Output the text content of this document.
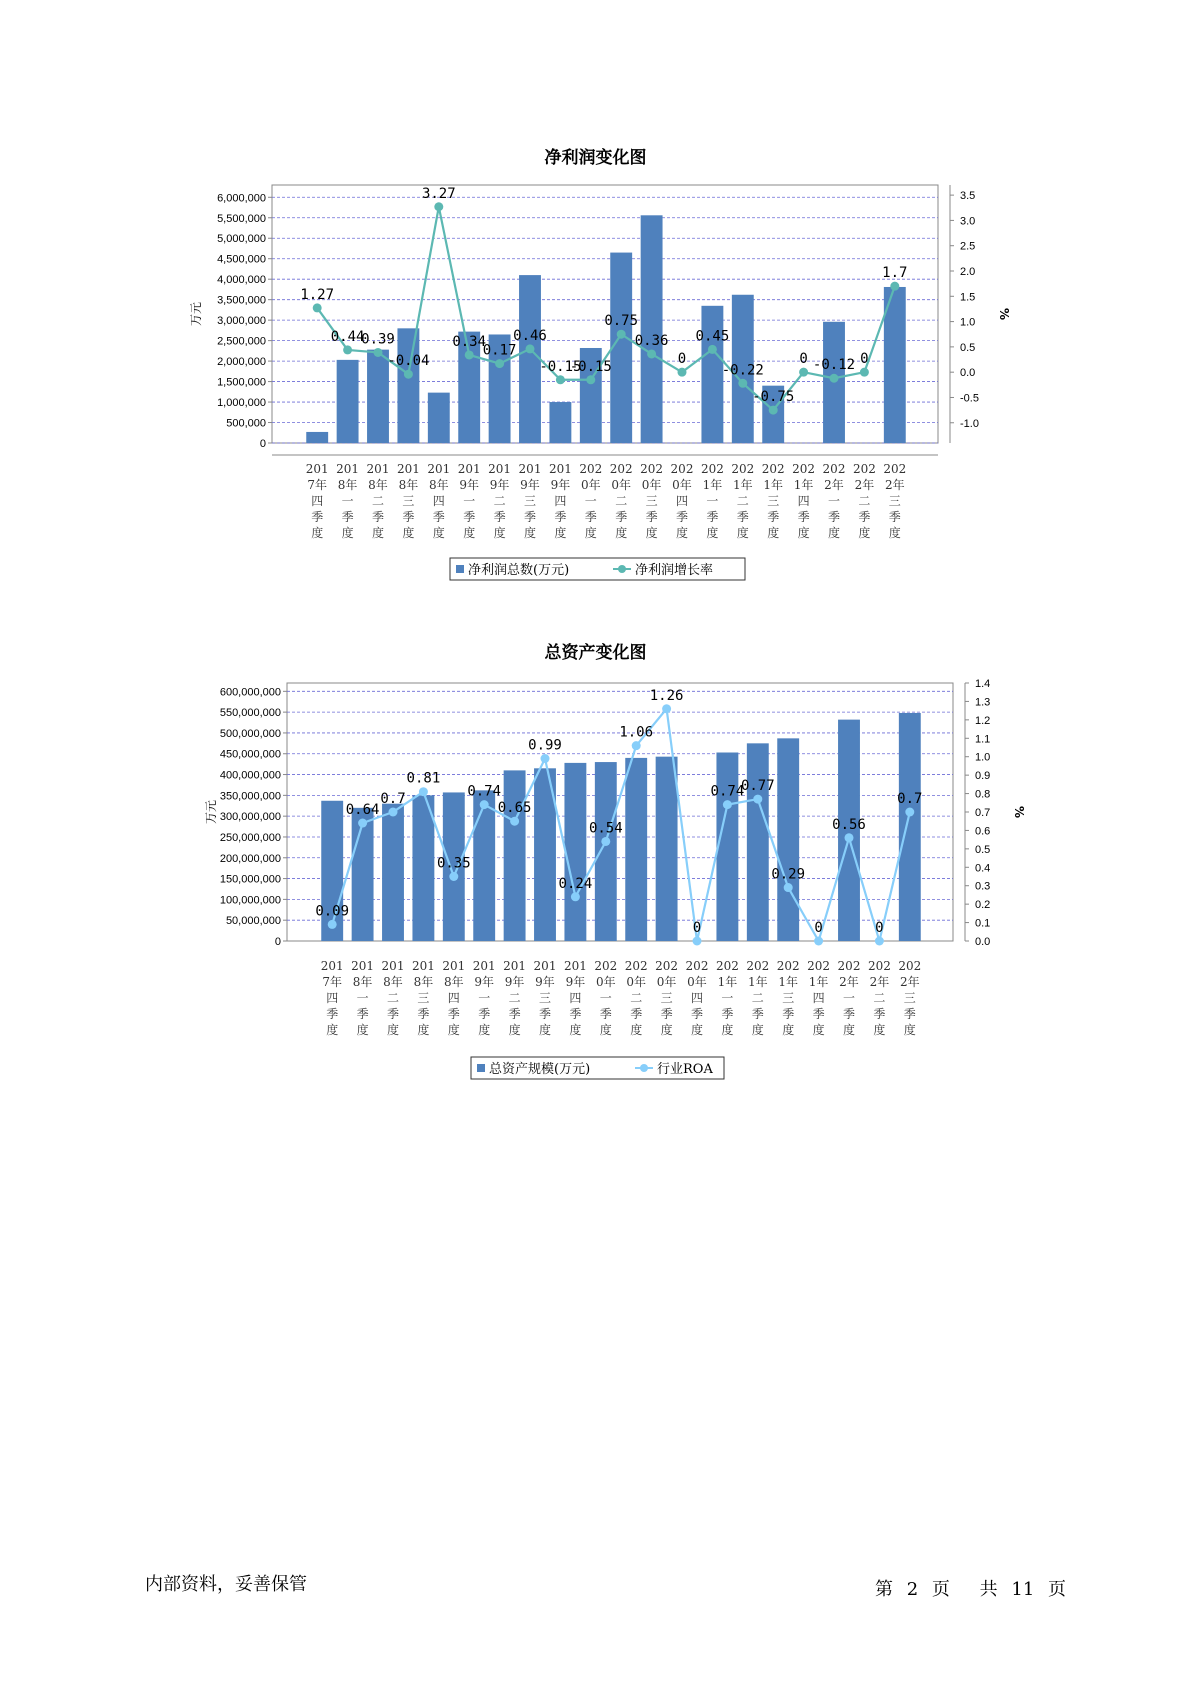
净利润变化图
0
500,000
1,000,000
1,500,000
2,000,000
2,500,000
3,000,000
3,500,000
4,000,000
4,500,000
5,000,000
5,500,000
6,000,000
-1.0
-0.5
0.0
0.5
1.0
1.5
2.0
2.5
3.0
3.5
万元	%
201 7年四季度
201 8年一季度
201 8年二季度
201 8年三季度
201 8年四季度
201 9年一季度
201 9年二季度
201 9年三季度
201 9年四季度
202 0年一季度
202 0年二季度
202 0年三季度
202 0年四季度
202 1年一季度
202 1年二季度
202 1年三季度
202 1年四季度
202 2年一季度
202 2年二季度
202 2年三季度
1.27
0.44
0.39
-0.04
3.27
0.34
0.17
0.46
-0.15
-0.15
0.75
0.36
0
0.45
-0.22
-0.75
0 -0.12 0
1.7
净利润总数(万元)	净利润增长率
总资产变化图
0
50,000,000
100,000,000
150,000,000
200,000,000
250,000,000
300,000,000
350,000,000
400,000,000
450,000,000
500,000,000
550,000,000
600,000,000
0.0
0.1
0.2
0.3
0.4
0.5
0.6
0.7
0.8
0.9
1.0
1.1
1.2
1.3
1.4
万元	%
201 7年四季度
201 8年一季度
201 8年二季度
201 8年三季度
201 8年四季度
201 9年一季度
201 9年二季度
201 9年三季度
201 9年四季度
202 0年一季度
202 0年二季度
202 0年三季度
202 0年四季度
202 1年一季度
202 1年二季度
202 1年三季度
202 1年四季度
202 2年一季度
202 2年二季度
202 2年三季度
0.09
0.64
0.7
0.81
0.35
0.74
0.65
0.99
0.24
0.54
1.06
1.26
0
0.74
0.77
0.29
0
0.56
0
0.7
总资产规模(万元)	行业ROA
内部资料，妥善保管	第 2 页 共 11 页
